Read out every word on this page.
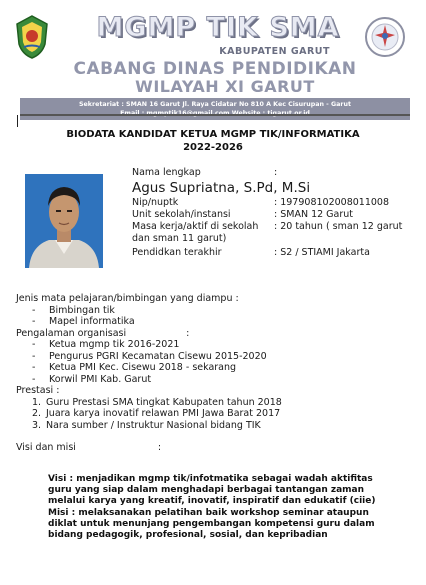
MGMP TIK SMA
KABUPATEN GARUT
CABANG DINAS PENDIDIKAN
WILAYAH XI GARUT
Sekretariat : SMAN 16 Garut Jl. Raya Cidatar No 810 A Kec Cisurupan - Garut
BIODATA KANDIDAT KETUA MGMP TIK/INFORMATIKA
2022-2026
Nama lengkap	:
Agus Supriatna, S.Pd, M.Si
Nip/nuptk	: 197908102008011008
Unit sekolah/instansi	: SMAN 12 Garut
Masa kerja/aktif di sekolah dan sman 11 garut)
: 20 tahun ( sman 12 garut
Pendidkan terakhir	: S2 / STIAMI Jakarta
Jenis mata pelajaran/bimbingan yang diampu :
- Bimbingan tik
- Mapel informatika
Pengalaman organisasi	:
- Ketua mgmp tik 2016-2021
- Pengurus PGRI Kecamatan Cisewu 2015-2020
- Ketua PMI Kec. Cisewu 2018 - sekarang
- Korwil PMI Kab. Garut
Prestasi :
1. Guru Prestasi SMA tingkat Kabupaten tahun 2018
2. Juara karya inovatif relawan PMI Jawa Barat 2017
3. Nara sumber / Instruktur Nasional bidang TIK
Visi dan misi	:

Visi : menjadikan mgmp tik/infotmatika sebagai wadah aktifitas guru yang siap dalam menghadapi berbagai tantangan zaman melalui karya yang kreatif, inovatif, inspiratif dan edukatif (ciie)

Misi : melaksanakan pelatihan baik workshop seminar ataupun diklat untuk menunjang pengembangan kompetensi guru dalam bidang pedagogik, profesional, sosial, dan kepribadian
